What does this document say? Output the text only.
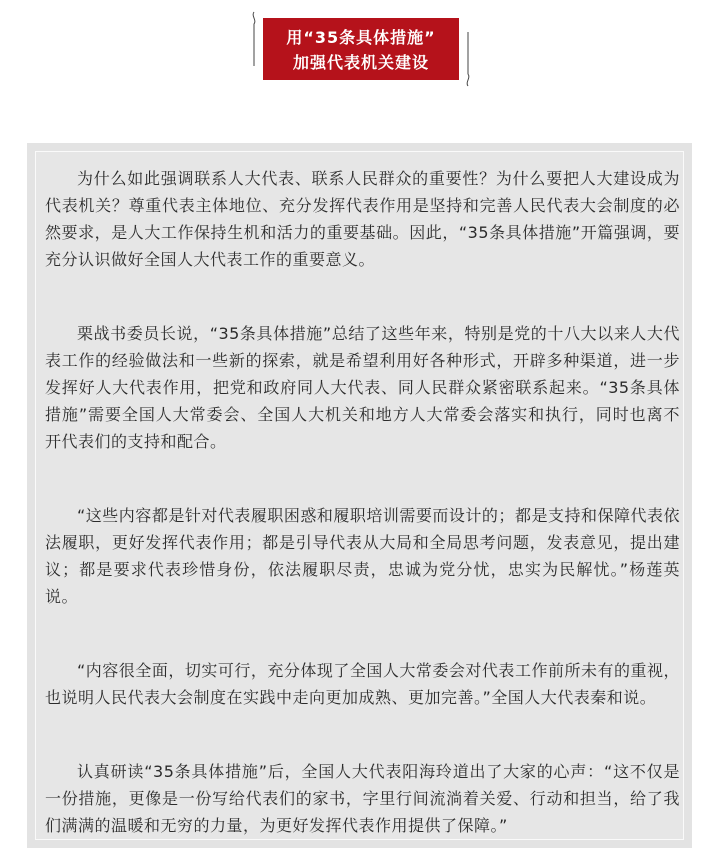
用“35条具体措施”
加强代表机关建设

为什么如此强调联系人大代表、联系人民群众的重要性？为什么要把人大建设成为代表机关？尊重代表主体地位、充分发挥代表作用是坚持和完善人民代表大会制度的必然要求，是人大工作保持生机和活力的重要基础。因此，“35条具体措施”开篇强调，要充分认识做好全国人大代表工作的重要意义。

栗战书委员长说，“35条具体措施”总结了这些年来，特别是党的十八大以来人大代表工作的经验做法和一些新的探索，就是希望利用好各种形式，开辟多种渠道，进一步发挥好人大代表作用，把党和政府同人大代表、同人民群众紧密联系起来。“35条具体措施”需要全国人大常委会、全国人大机关和地方人大常委会落实和执行，同时也离不开代表们的支持和配合。

“这些内容都是针对代表履职困惑和履职培训需要而设计的；都是支持和保障代表依法履职，更好发挥代表作用；都是引导代表从大局和全局思考问题，发表意见，提出建议；都是要求代表珍惜身份，依法履职尽责，忠诚为党分忧，忠实为民解忧。”杨莲英说。

“内容很全面，切实可行，充分体现了全国人大常委会对代表工作前所未有的重视，也说明人民代表大会制度在实践中走向更加成熟、更加完善。”全国人大代表秦和说。

认真研读“35条具体措施”后，全国人大代表阳海玲道出了大家的心声：“这不仅是一份措施，更像是一份写给代表们的家书，字里行间流淌着关爱、行动和担当，给了我们满满的温暖和无穷的力量，为更好发挥代表作用提供了保障。”
